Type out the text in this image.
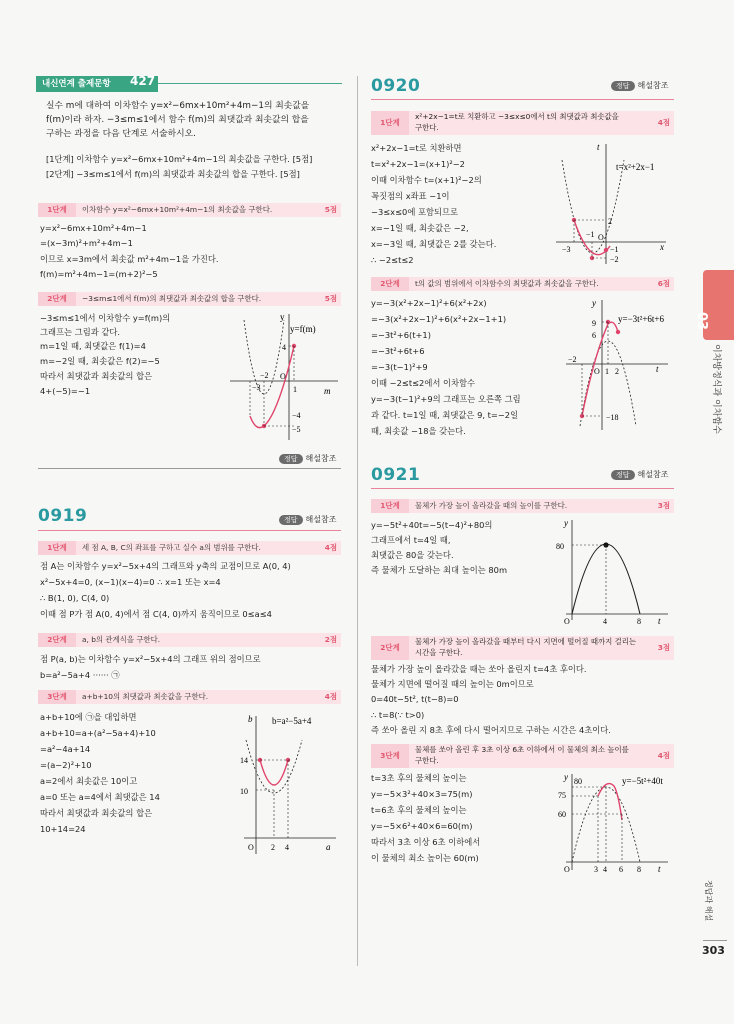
내신연계 출제문항 427
실수 m에 대하여 이차함수 y=x²−6mx+10m²+4m−1의 최솟값을
f(m)이라 하자. −3≤m≤1에서 함수 f(m)의 최댓값과 최솟값의 합을
구하는 과정을 다음 단계로 서술하시오.
[1단계] 이차함수 y=x²−6mx+10m²+4m−1의 최솟값을 구한다. [5점]
[2단계] −3≤m≤1에서 f(m)의 최댓값과 최솟값의 합을 구한다. [5점]
1단계 이차함수 y=x²−6mx+10m²+4m−1의 최솟값을 구한다.	5점
y=x²−6mx+10m²+4m−1
=(x−3m)²+m²+4m−1
이므로 x=3m에서 최솟값 m²+4m−1을 가진다.
f(m)=m²+4m−1=(m+2)²−5
2단계 −3≤m≤1에서 f(m)의 최댓값과 최솟값의 합을 구한다.	5점
−3≤m≤1에서 이차함수 y=f(m)의
그래프는 그림과 같다.
m=1일 때, 최댓값은 f(1)=4
m=−2일 때, 최솟값은 f(2)=−5
따라서 최댓값과 최솟값의 합은
4+(−5)=−1
y
y=f(m)
4
O
−2
−3	1
−4
−5
m
정답 해설참조
0919	정답 해설참조
1단계 세 점 A, B, C의 좌표를 구하고 실수 a의 범위를 구한다.	4점
점 A는 이차함수 y=x²−5x+4의 그래프와 y축의 교점이므로 A(0, 4)
x²−5x+4=0, (x−1)(x−4)=0 ∴ x=1 또는 x=4
∴ B(1, 0), C(4, 0)
이때 점 P가 점 A(0, 4)에서 점 C(4, 0)까지 움직이므로 0≤a≤4
2단계 a, b의 관계식을 구한다.	2점
점 P(a, b)는 이차함수 y=x²−5x+4의 그래프 위의 점이므로
b=a²−5a+4 ······ ㉠
3단계 a+b+10의 최댓값과 최솟값을 구한다.	4점
a+b+10에 ㉠을 대입하면
a+b+10=a+(a²−5a+4)+10
=a²−4a+14
=(a−2)²+10
a=2에서 최솟값은 10이고
a=0 또는 a=4에서 최댓값은 14
따라서 최댓값과 최솟값의 합은
10+14=24
b b=a²−5a+4
14
10
O 2 4	a
0920	정답 해설참조
1단계
x²+2x−1=t로 치환하고 −3≤x≤0에서 t의 최댓값과 최솟값을
구한다.
4점
x²+2x−1=t로 치환하면
t=x²+2x−1=(x+1)²−2
이때 이차함수 t=(x+1)²−2의
꼭짓점의 x좌표 −1이
−3≤x≤0에 포함되므로
x=−1일 때, 최솟값은 −2,
x=−3일 때, 최댓값은 2를 갖는다.
∴ −2≤t≤2
t
t=x²+2x−1
2
−3
−1 O
−1
−2
x
2단계 t의 값의 범위에서 이차함수의 최댓값과 최솟값을 구한다.	6점
y=−3(x²+2x−1)²+6(x²+2x)
=−3(x²+2x−1)²+6(x²+2x−1+1)
=−3t²+6(t+1)
=−3t²+6t+6
=−3(t−1)²+9
이때 −2≤t≤2에서 이차함수
y=−3(t−1)²+9의 그래프는 오른쪽 그림
과 같다. t=1일 때, 최댓값은 9, t=−2일
때, 최솟값 −18을 갖는다.
y
y=−3t²+6t+6
9
6
−2
O 1 2
−18
t
0921	정답 해설참조
1단계 물체가 가장 높이 올라갔을 때의 높이를 구한다.	3점
y=−5t²+40t=−5(t−4)²+80의
그래프에서 t=4일 때,
최댓값은 80을 갖는다.
즉 물체가 도달하는 최대 높이는 80m
y
80
O	4	8 t
2단계
물체가 가장 높이 올라갔을 때부터 다시 지면에 떨어질 때까지 걸리는
시간을 구한다.
3점
물체가 가장 높이 올라갔을 때는 쏘아 올린지 t=4초 후이다.
물체가 지면에 떨어질 때의 높이는 0m이므로
0=40t−5t², t(t−8)=0
∴ t=8(∵ t>0)
즉 쏘아 올린 지 8초 후에 다시 떨어지므로 구하는 시간은 4초이다.
3단계
물체를 쏘아 올린 후 3초 이상 6초 이하에서 이 물체의 최소 높이를
구한다.
4점
t=3초 후의 물체의 높이는
y=−5×3²+40×3=75(m)
t=6초 후의 물체의 높이는
y=−5×6²+40×6=60(m)
따라서 3초 이상 6초 이하에서
이 물체의 최소 높이는 60(m)
y 80	y=−5t²+40t
75
60
O	3 4 6 8 t
03
이차방정식과 이차함수
정답과 해설
303
